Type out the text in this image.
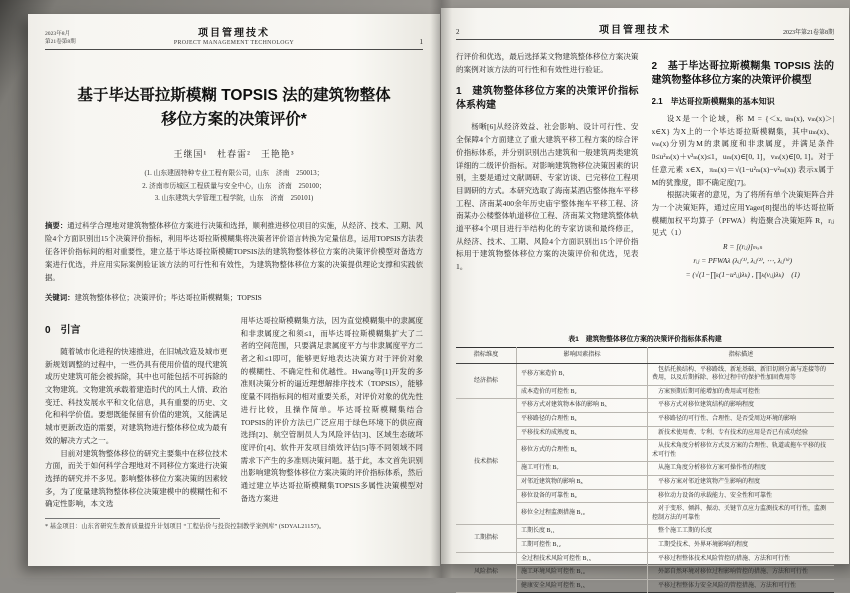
2023年8月
第21卷第8期
项目管理技术
PROJECT MANAGEMENT TECHNOLOGY	1
基于毕达哥拉斯模糊 TOPSIS 法的建筑物整体
移位方案的决策评价*
王继国¹　杜春雷²　王艳艳³
(1. 山东建固特种专业工程有限公司，山东　济南　250013；
2. 济南市历城区工程质量与安全中心，山东　济南　250100；
3. 山东建筑大学管理工程学院，山东　济南　250101)

摘要：通过科学合理地对建筑物整体移位方案进行决策和选择，顺利推进移位项目的实施，从经济、技术、工期、风险4个方面识别出15个决策评价指标，利用毕达哥拉斯模糊集将决策者评价语言转换为定量信息，运用TOPSIS方法表征各评价指标间的相对重要性，建立基于毕达哥拉斯模糊TOPSIS法的建筑物整体移位方案的决策评价模型对备选方案进行优选，并应用实际案例验证该方法的可行性和有效性，为建筑物整体移位方案的决策提供理论支撑和实践依据。

关键词：建筑物整体移位；决策评价；毕达哥拉斯模糊集；TOPSIS

0　引言

随着城市化进程的快速推进，在旧城改造及城市更新规划调整的过程中，一些仍具有使用价值的现代建筑或历史建筑可能会被拆除，其中也可能包括不可拆除的文物建筑。文物建筑承载着建造时代的风土人情、政治变迁、科技发展水平和文化信息，具有重要的历史、文化和科学价值。要想既能保留有价值的建筑，又能满足城市更新改造的需要，对建筑物进行整体移位成为最有效的解决方式之一。

目前对建筑物整体移位的研究主要集中在移位技术方面，而关于如何科学合理地对不同移位方案进行决策选择的研究并不多见。影响整体移位方案决策的因素较多，为了度量建筑物整体移位决策建模中的模糊性和不确定性影响，本文选

用毕达哥拉斯模糊集方法，因为直觉模糊集中的隶属度和非隶属度之和须≤1，而毕达哥拉斯模糊集扩大了二者的空间范围，只要满足隶属度平方与非隶属度平方二者之和≤1即可，能够更好地表达决策方对于评价对象的模糊性、不确定性和优越性。Hwang等[1]开发的多准则决策分析的逼近理想解排序技术（TOPSIS），能够度量不同指标间的相对重要关系，对评价对象的优先性进行比较，且操作简单。毕达哥拉斯模糊集结合TOPSIS的评价方法已广泛应用于绿色环境下的供应商选择[2]、航空管制员人为风险评估[3]、区域生态破坏度评价[4]、软件开发项目绩效评估[5]等不同领域不同需求下产生的多准则决策问题。基于此，本文首先识别出影响建筑物整体移位方案决策的评价指标体系，然后通过建立毕达哥拉斯模糊集TOPSIS多属性决策模型对备选方案进

* 基金项目：山东省研究生教育质量提升计划项目 “工程估价与投资控制教学案例库” (SDYAL21157)。
2	项目管理技术	2023年第21卷第8期

行评价和优选，最后选择某文物建筑整体移位方案决策的案例对该方法的可行性和有效性进行验证。

1　建筑物整体移位方案的决策评价指标体系构建

杨晰[6]从经济效益、社会影响、设计可行性、安全保障4个方面建立了重大建筑平移工程方案的综合评价指标体系，并分别识别出古建筑和一般建筑两类建筑详细的二级评价指标。对影响建筑物移位决策因素的识别，主要是通过文献调研、专家访谈、已完移位工程项目调研的方式。本研究选取了海南某酒店整体拖车平移工程、济南某400余年历史庙宇整体拖车平移工程、济南某办公楼整体轨道移位工程、济南某文物建筑整体轨道平移4个项目进行半结构化的专家访谈和最终修正，从经济、技术、工期、风险4个方面识别出15个评价指标用于建筑物整体移位方案的决策评价和优选，见表1。

2　基于毕达哥拉斯模糊集 TOPSIS 法的建筑物整体移位方案的决策评价模型
2.1　毕达哥拉斯模糊集的基本知识

设X是一个论域，称 M = {＜x, uₘ(x), vₘ(x)＞| x∈X} 为X上的一个毕达哥拉斯模糊集，其中uₘ(x)、vₘ(x)分别为M的隶属度和非隶属度，并满足条件0≤u²ₘ(x)＋v²ₘ(x)≤1，uₘ(x)∈[0, 1]，vₘ(x)∈[0, 1]。对于任意元素 x∈X，πₘ(x)＝√(1−u²ₘ(x)−v²ₘ(x)) 表示x属于M的犹豫度，即不确定度[7]。

根据决策者的意见，为了将所有单个决策矩阵合并为一个决策矩阵，通过应用Yager[8]提出的毕达哥拉斯模糊加权平均算子（PFWA）构造聚合决策矩阵 R，rᵢⱼ见式（1）

R = [(rᵢⱼ)]ₘₓₙ

rᵢⱼ = PFWAλ (λᵢⱼ⁽¹⁾, λᵢⱼ⁽²⁾, ⋯, λᵢⱼ⁽ᵏ⁾)

= (√(1−∏ₖ(1−u²ᵢⱼ)λₖ) , ∏ₖ(vᵢⱼ)λₖ)　(1)

表1　建筑物整体移位方案的决策评价指标体系构建
指标维度	影响因素指标	指标描述
经济指标	平移方案造价 B₁	包括托换结构、平移路线、新址基础、新旧切割分离与连接等的费用，以及后期拆除、移位过程中的保护性加固费用等
	成本造价的可控性 B₂	方案预期后期可能增加的费用或可控性
技术指标	平移方式对建筑物本体的影响 B₃	平移方式对移位建筑结构的影响程度
	平移路径的合理性 B₄	平移路径的可行性、合理性、是否受周边环境的影响
	平移技术的成熟度 B₅	新技术使用费、专利、专有技术的应用是否已有成功经验
	移位方式的合理性 B₆	从技术角度分析移位方式及方案的合理性、轨道或拖车平移的技术可行性
	施工可行性 B₇	从施工角度分析移位方案可操作性的程度
	对邻近建筑物的影响 B₈	平移方案对邻近建筑物产生影响的程度
	移位设备的可靠性 B₉	移位动力设备的承载能力、安全性和可靠性
	移位全过程监测措施 B₁₀	对于变形、倾斜、振动、关键节点应力监测技术的可行性，监测控制方法的可靠性
工期指标	工期长度 B₁₁	整个施工工期的长度
	工期可控性 B₁₂	工期受技术、外界环境影响的程度
风险指标	全过程技术风险可控性 B₁₃	平移过程整体技术风险管控的措施、方法和可行性
	施工环境风险可控性 B₁₄	外部自然环境对移位过程影响管控的措施、方法和可行性
	健康安全风险可控性 B₁₅	平移过程整体力安全风险的管控措施、方法和可行性
